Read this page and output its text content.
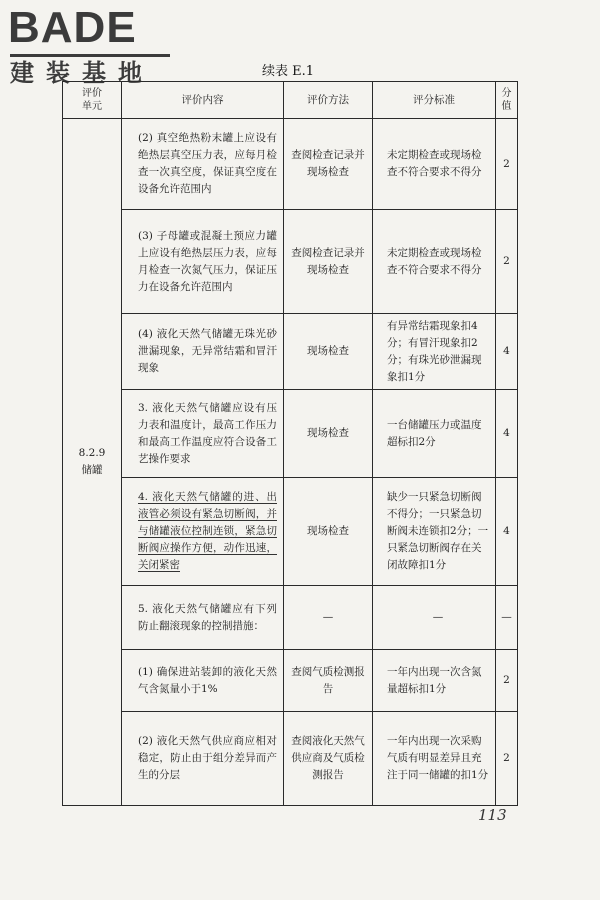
BADE
建装基地	续表 E.1
评价
单元	评价内容	评价方法	评分标准	分
值

8.2.9
储罐	(2) 真空绝热粉末罐上应设有绝热层真空压力表，应每月检查一次真空度，保证真空度在设备允许范围内	查阅检查记录并现场检查	未定期检查或现场检查不符合要求不得分	2
	(3) 子母罐或混凝土预应力罐上应设有绝热层压力表，应每月检查一次氮气压力，保证压力在设备允许范围内	查阅检查记录并现场检查	未定期检查或现场检查不符合要求不得分	2
	(4) 液化天然气储罐无珠光砂泄漏现象，无异常结霜和冒汗现象	现场检查	有异常结霜现象扣4分；有冒汗现象扣2分；有珠光砂泄漏现象扣1分	4
	3. 液化天然气储罐应设有压力表和温度计，最高工作压力和最高工作温度应符合设备工艺操作要求	现场检查	一台储罐压力或温度超标扣2分	4
	4. 液化天然气储罐的进、出液管必须设有紧急切断阀，并与储罐液位控制连锁，紧急切断阀应操作方便，动作迅速，关闭紧密	现场检查	缺少一只紧急切断阀不得分；一只紧急切断阀未连锁扣2分；一只紧急切断阀存在关闭故障扣1分	4
	5. 液化天然气储罐应有下列防止翻滚现象的控制措施：	—	—	—
	(1) 确保进站装卸的液化天然气含氮量小于1%	查阅气质检测报告	一年内出现一次含氮量超标扣1分	2
	(2) 液化天然气供应商应相对稳定，防止由于组分差异而产生的分层	查阅液化天然气供应商及气质检测报告	一年内出现一次采购气质有明显差异且充注于同一储罐的扣1分	2
113
